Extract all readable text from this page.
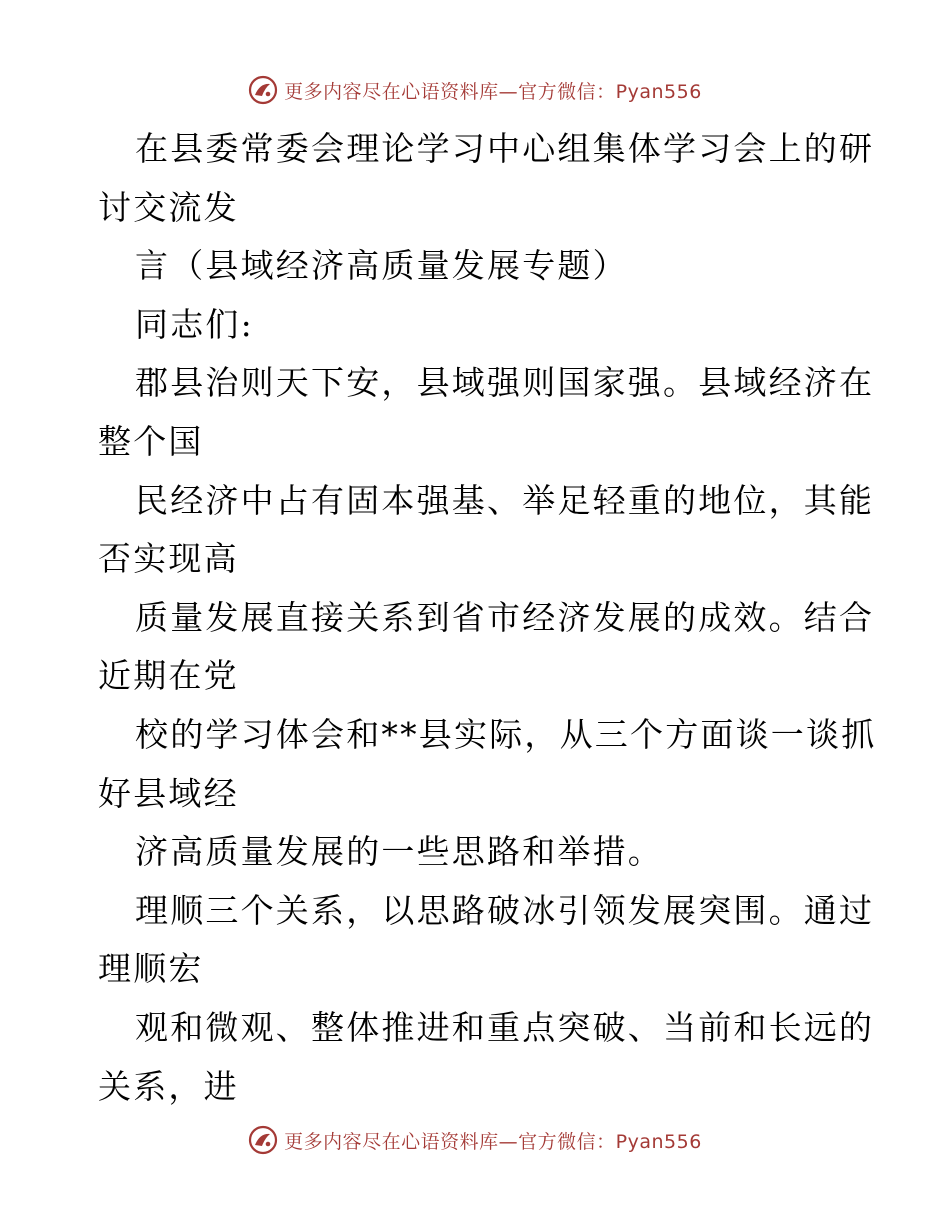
更多内容尽在心语资料库—官方微信：Pyan556
在县委常委会理论学习中心组集体学习会上的研
讨交流发
言（县域经济高质量发展专题）
同志们:
郡县治则天下安，县域强则国家强。县域经济在
整个国
民经济中占有固本强基、举足轻重的地位，其能
否实现高
质量发展直接关系到省市经济发展的成效。结合
近期在党
校的学习体会和**县实际，从三个方面谈一谈抓
好县域经
济高质量发展的一些思路和举措。
理顺三个关系，以思路破冰引领发展突围。通过
理顺宏
观和微观、整体推进和重点突破、当前和长远的
关系，进
更多内容尽在心语资料库—官方微信：Pyan556
